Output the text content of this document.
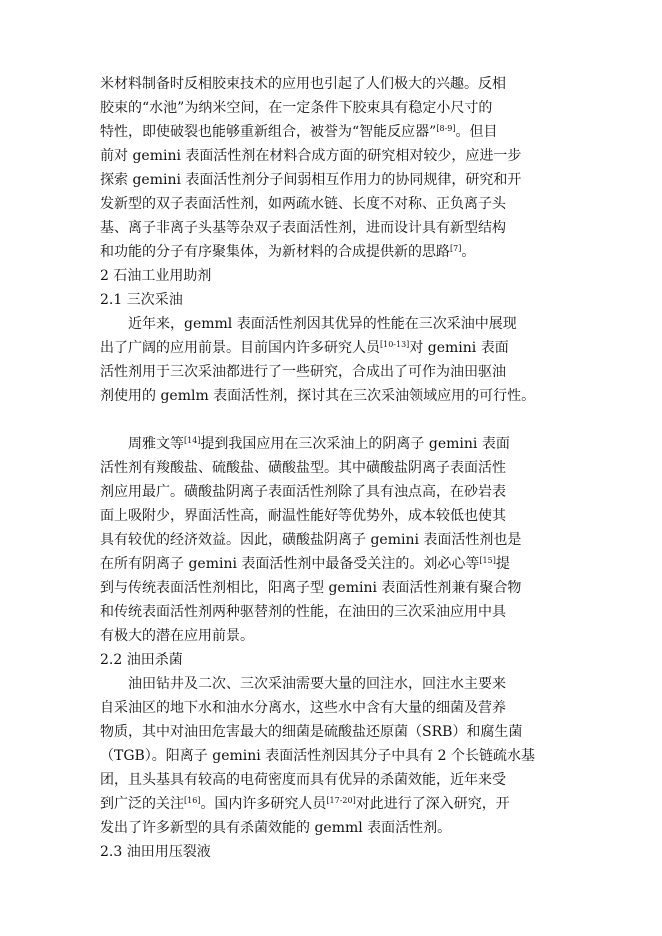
米材料制备时反相胶束技术的应用也引起了人们极大的兴趣。反相
胶束的“水池”为纳米空间，在一定条件下胶束具有稳定小尺寸的
特性，即使破裂也能够重新组合，被誉为“智能反应器”[8-9]。但目
前对 gemini 表面活性剂在材料合成方面的研究相对较少，应进一步
探索 gemini 表面活性剂分子间弱相互作用力的协同规律，研究和开
发新型的双子表面活性剂，如两疏水链、长度不对称、正负离子头
基、离子非离子头基等杂双子表面活性剂，进而设计具有新型结构
和功能的分子有序聚集体，为新材料的合成提供新的思路[7]。
2 石油工业用助剂
2.1 三次采油
　　近年来，gemml 表面活性剂因其优异的性能在三次采油中展现
出了广阔的应用前景。目前国内许多研究人员[10-13]对 gemini 表面
活性剂用于三次采油都进行了一些研究，合成出了可作为油田驱油
剂使用的 gemlm 表面活性剂，探讨其在三次采油领域应用的可行性。
　　周雅文等[14]提到我国应用在三次采油上的阴离子 gemini 表面
活性剂有羧酸盐、硫酸盐、磺酸盐型。其中磺酸盐阴离子表面活性
剂应用最广。磺酸盐阴离子表面活性剂除了具有浊点高，在砂岩表
面上吸附少，界面活性高，耐温性能好等优势外，成本较低也使其
具有较优的经济效益。因此，磺酸盐阴离子 gemini 表面活性剂也是
在所有阴离子 gemini 表面活性剂中最备受关注的。刘必心等[15]提
到与传统表面活性剂相比，阳离子型 gemini 表面活性剂兼有聚合物
和传统表面活性剂两种驱替剂的性能，在油田的三次采油应用中具
有极大的潜在应用前景。
2.2 油田杀菌
　　油田钻井及二次、三次采油需要大量的回注水，回注水主要来
自采油区的地下水和油水分离水，这些水中含有大量的细菌及营养
物质，其中对油田危害最大的细菌是硫酸盐还原菌（SRB）和腐生菌
（TGB）。阳离子 gemini 表面活性剂因其分子中具有 2 个长链疏水基
团，且头基具有较高的电荷密度而具有优异的杀菌效能，近年来受
到广泛的关注[16]。国内许多研究人员[17-20]对此进行了深入研究，开
发出了许多新型的具有杀菌效能的 gemml 表面活性剂。
2.3 油田用压裂液
